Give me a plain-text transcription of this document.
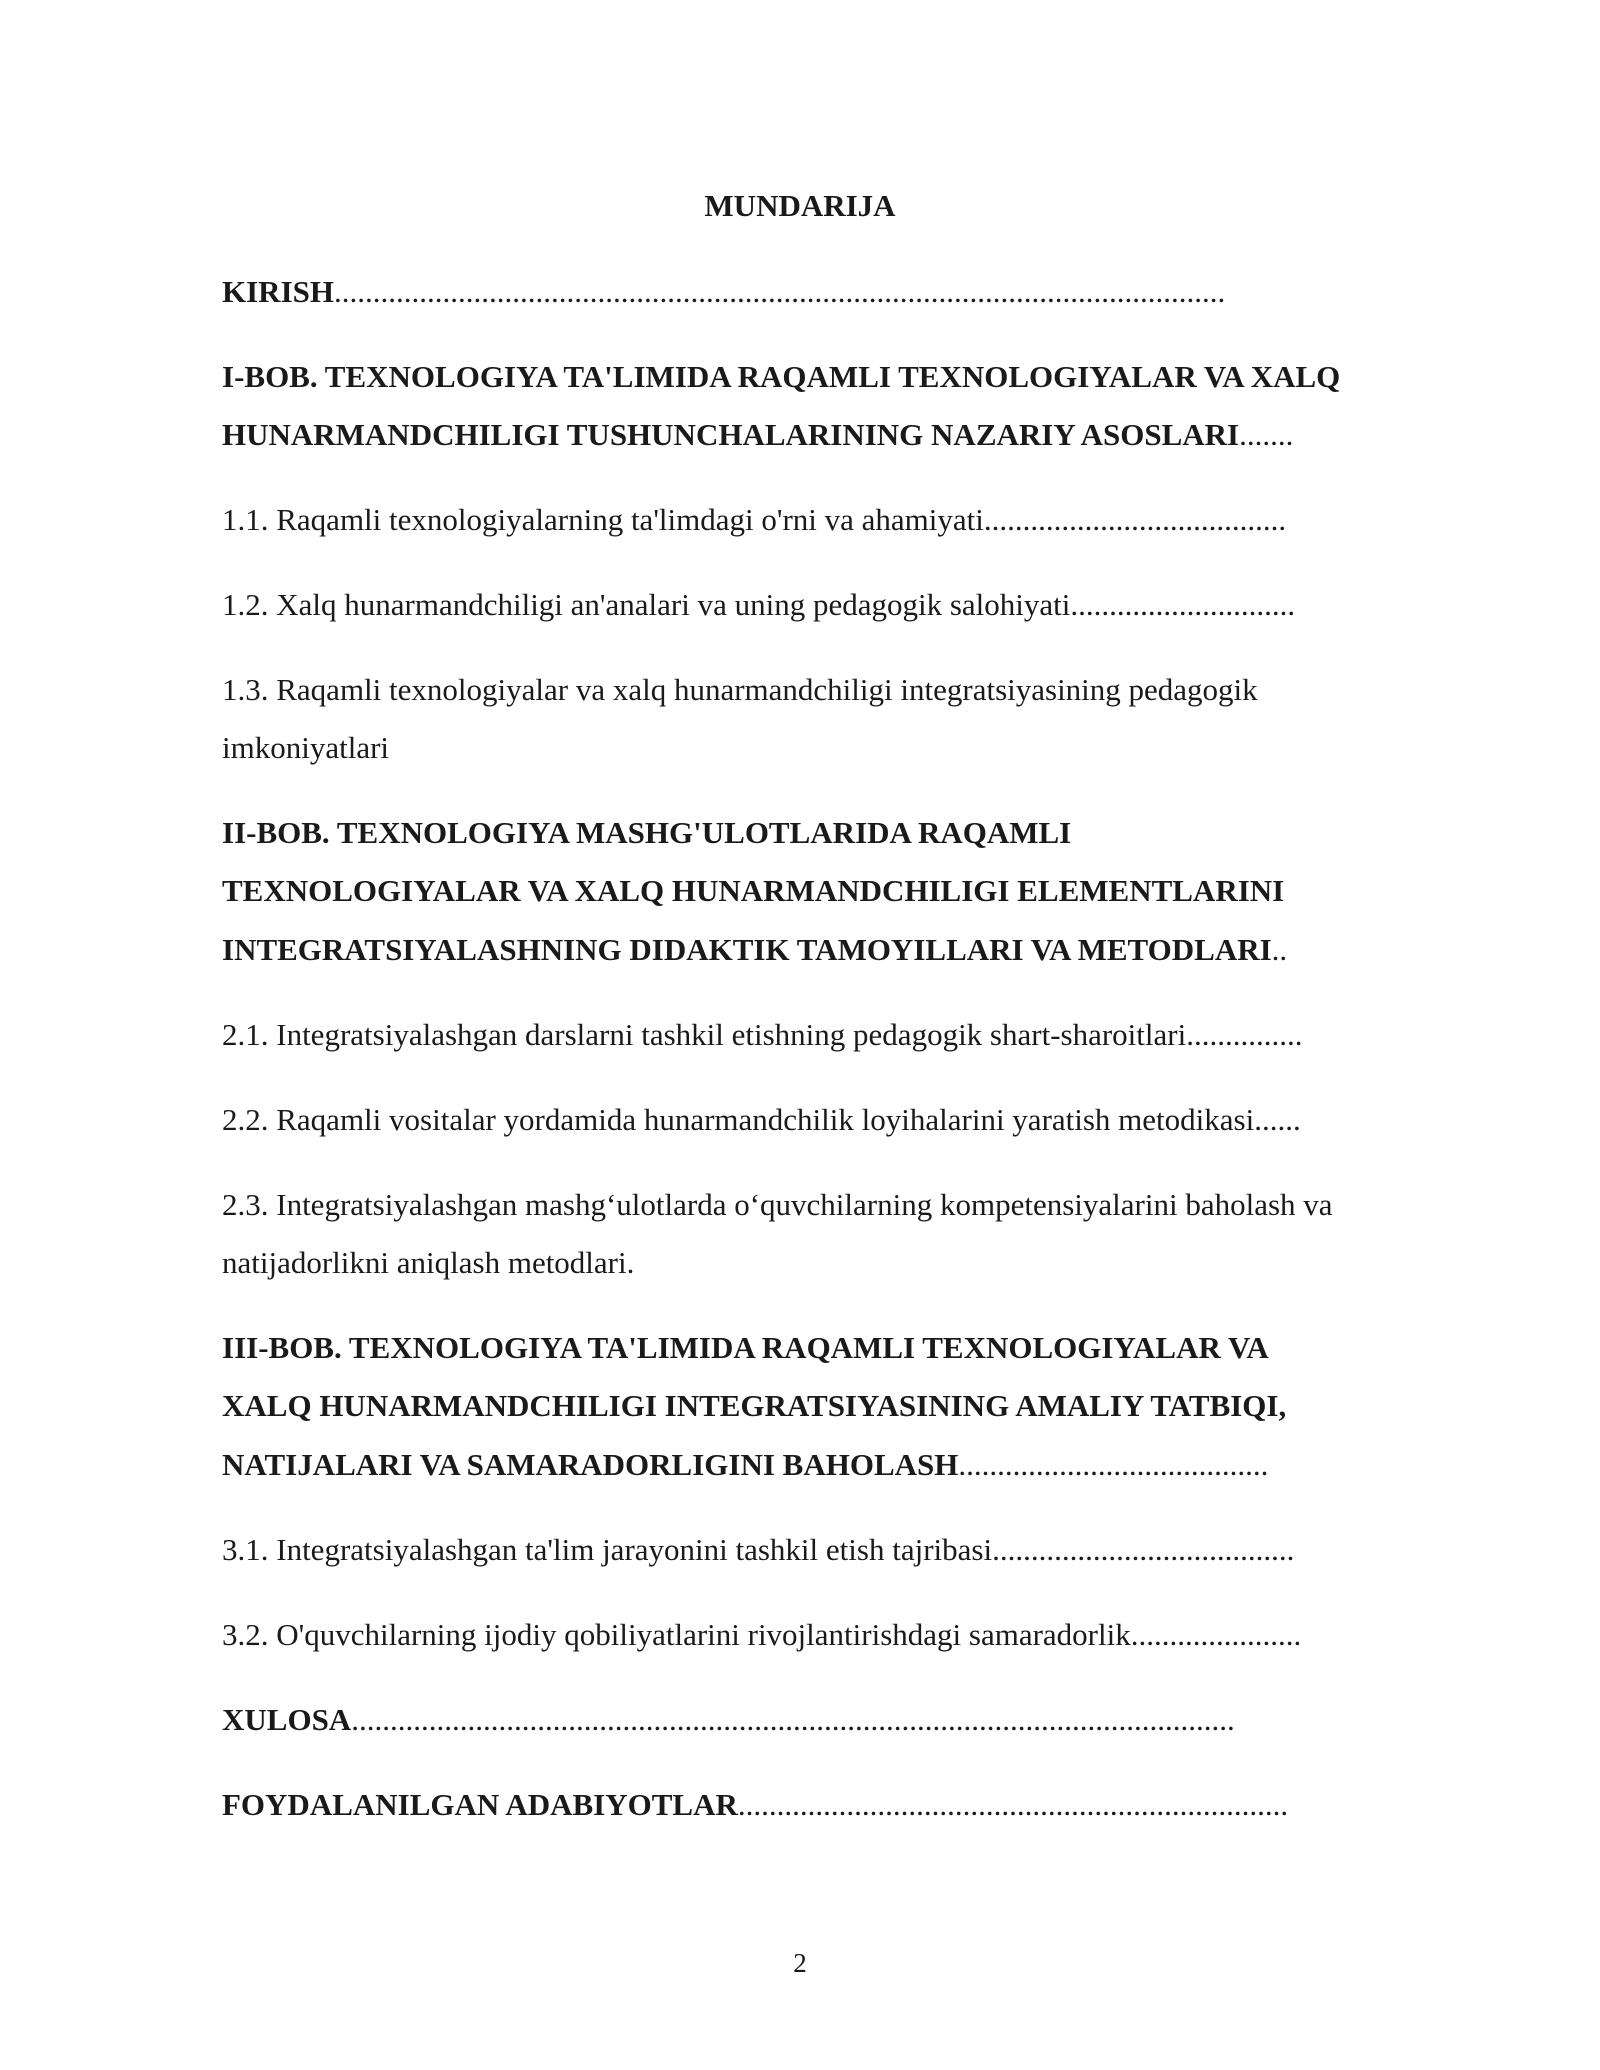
MUNDARIJA
KIRISH...................................................................................................................
I-BOB. TEXNOLOGIYA TA'LIMIDA RAQAMLI TEXNOLOGIYALAR VA XALQ
HUNARMANDCHILIGI TUSHUNCHALARINING NAZARIY ASOSLARI.......
1.1. Raqamli texnologiyalarning ta'limdagi o'rni va ahamiyati.......................................
1.2. Xalq hunarmandchiligi an'analari va uning pedagogik salohiyati.............................
1.3. Raqamli texnologiyalar va xalq hunarmandchiligi integratsiyasining pedagogik
imkoniyatlari
II-BOB. TEXNOLOGIYA MASHG'ULOTLARIDA RAQAMLI
TEXNOLOGIYALAR VA XALQ HUNARMANDCHILIGI ELEMENTLARINI
INTEGRATSIYALASHNING DIDAKTIK TAMOYILLARI VA METODLARI..
2.1. Integratsiyalashgan darslarni tashkil etishning pedagogik shart-sharoitlari...............
2.2. Raqamli vositalar yordamida hunarmandchilik loyihalarini yaratish metodikasi......
2.3. Integratsiyalashgan mashg‘ulotlarda o‘quvchilarning kompetensiyalarini baholash va
natijadorlikni aniqlash metodlari.
III-BOB. TEXNOLOGIYA TA'LIMIDA RAQAMLI TEXNOLOGIYALAR VA
XALQ HUNARMANDCHILIGI INTEGRATSIYASINING AMALIY TATBIQI,
NATIJALARI VA SAMARADORLIGINI BAHOLASH........................................
3.1. Integratsiyalashgan ta'lim jarayonini tashkil etish tajribasi.......................................
3.2. O'quvchilarning ijodiy qobiliyatlarini rivojlantirishdagi samaradorlik......................
XULOSA..................................................................................................................
FOYDALANILGAN ADABIYOTLAR.......................................................................
2
